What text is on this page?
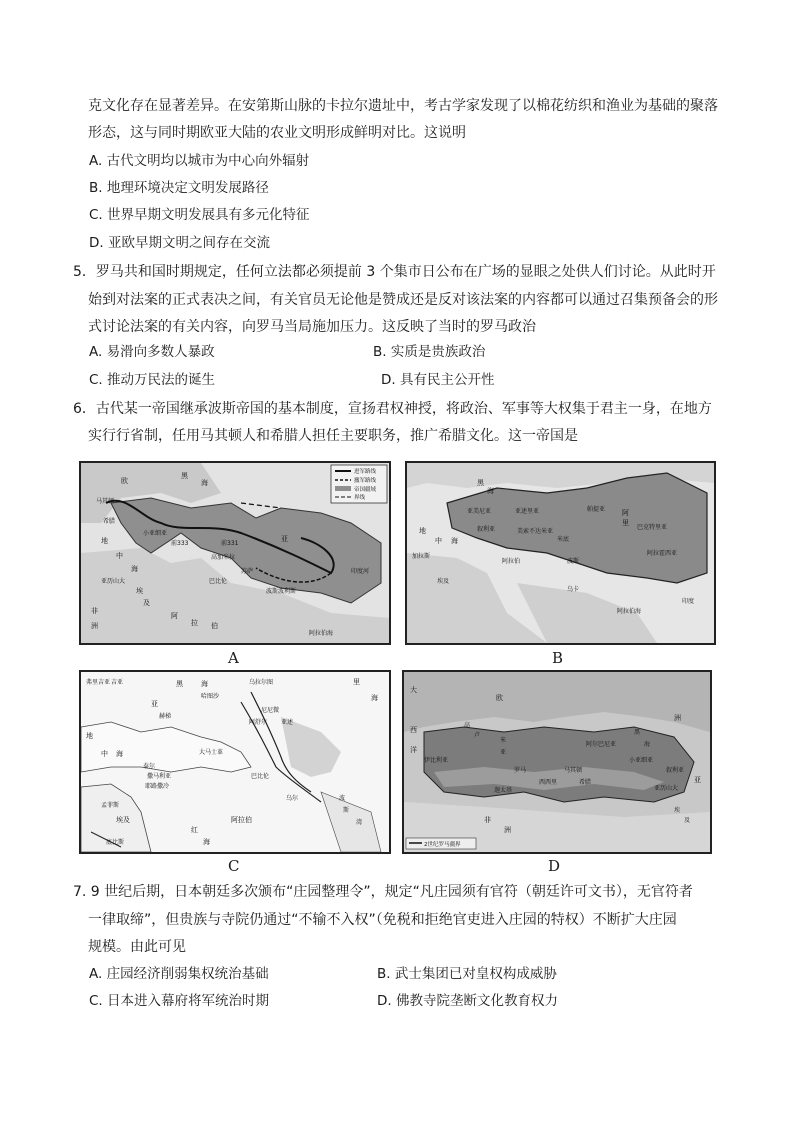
克文化存在显著差异。在安第斯山脉的卡拉尔遗址中，考古学家发现了以棉花纺织和渔业为基础的聚落
形态，这与同时期欧亚大陆的农业文明形成鲜明对比。这说明
A. 古代文明均以城市为中心向外辐射
B. 地理环境决定文明发展路径
C. 世界早期文明发展具有多元化特征
D. 亚欧早期文明之间存在交流
5．罗马共和国时期规定，任何立法都必须提前 3 个集市日公布在广场的显眼之处供人们讨论。从此时开
始到对法案的正式表决之间，有关官员无论他是赞成还是反对该法案的内容都可以通过召集预备会的形
式讨论法案的有关内容，向罗马当局施加压力。这反映了当时的罗马政治
A. 易滑向多数人暴政	B. 实质是贵族政治
C. 推动万民法的诞生	D. 具有民主公开性
6．古代某一帝国继承波斯帝国的基本制度，宣扬君权神授，将政治、军事等大权集于君主一身，在地方
实行行省制，任用马其顿人和希腊人担任主要职务，推广希腊文化。这一帝国是
进军路线
撤军路线
帝国疆域
界线
欧
黑
海
马其顿
希腊
小亚细亚
前333	前331
高加米拉
亚
地
中
海
亚历山大	巴比伦
波斯波利斯
非
洲
埃
及
阿
拉 伯
阿拉伯海
印度河
苏萨
A
黑
海
亚美尼亚	亚述里亚	阿
里
巴克特里亚
帕提亚
叙利亚	美索不达米亚
地
中 海
加拉斯
米底
阿拉伯	波斯
阿拉霍西亚
阿拉伯海
埃及
乌卡
印度
B
弗里吉亚 吉亚	黑	海
亚
乌拉尔图	里
海
哈图沙
赫梯
尼尼微
阿舒尔 亚述
地
中 海	大马士革
泰尔
撒马利亚
耶路撒冷
巴比伦
乌尔
孟菲斯
埃及	阿拉伯
底比斯
红
海
波
斯
湾
C
2世纪罗马疆界
大
西
洋
欧
高
卢
伊比利亚
米
亚
洲
黑
海
小亚细亚
阿尔巴尼亚
罗马	马其顿
希腊
亚历山大
西西里
非
洲
迦太基
埃
及
叙利亚
亚
D
7. 9 世纪后期，日本朝廷多次颁布“庄园整理令”，规定“凡庄园须有官符（朝廷许可文书），无官符者
一律取缔”，但贵族与寺院仍通过“不输不入权”（免税和拒绝官吏进入庄园的特权）不断扩大庄园
规模。由此可见
A. 庄园经济削弱集权统治基础	B. 武士集团已对皇权构成威胁
C. 日本进入幕府将军统治时期	D. 佛教寺院垄断文化教育权力
